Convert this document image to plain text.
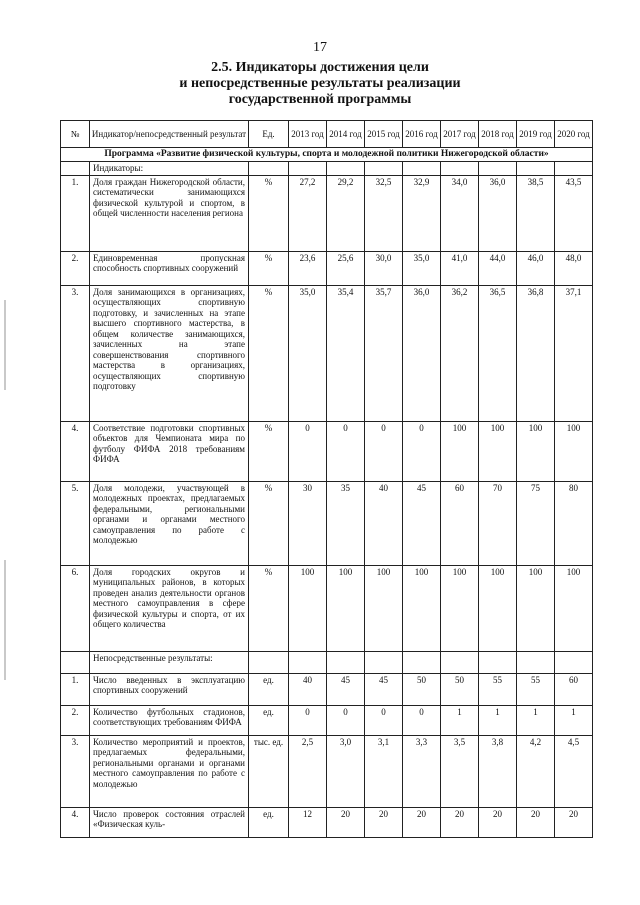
17
2.5. Индикаторы достижения цели
и непосредственные результаты реализации
государственной программы
№	Индикатор/непосредственный результат	Ед.	2013 год	2014 год	2015 год	2016 год	2017 год	2018 год	2019 год	2020 год
Программа «Развитие физической культуры, спорта и молодежной политики Нижегородской области»										
	Индикаторы:									
1.	Доля граждан Нижегородской области, систематически занимающихся физической культурой и спортом, в общей численности населения региона	%	27,2	29,2	32,5	32,9	34,0	36,0	38,5	43,5
2.	Единовременная пропускная способность спортивных сооружений	%	23,6	25,6	30,0	35,0	41,0	44,0	46,0	48,0
3.	Доля занимающихся в организациях, осуществляющих спортивную подготовку, и зачисленных на этапе высшего спортивного мастерства, в общем количестве занимающихся, зачисленных на этапе совершенствования спортивного мастерства в организациях, осуществляющих спортивную подготовку	%	35,0	35,4	35,7	36,0	36,2	36,5	36,8	37,1
4.	Соответствие подготовки спортивных объектов для Чемпионата мира по футболу ФИФА 2018 требованиям ФИФА	%	0	0	0	0	100	100	100	100
5.	Доля молодежи, участвующей в молодежных проектах, предлагаемых федеральными, региональными органами и органами местного самоуправления по работе с молодежью	%	30	35	40	45	60	70	75	80
6.	Доля городских округов и муниципальных районов, в которых проведен анализ деятельности органов местного самоуправления в сфере физической культуры и спорта, от их общего количества	%	100	100	100	100	100	100	100	100
	Непосредственные результаты:									
1.	Число введенных в эксплуатацию спортивных сооружений	ед.	40	45	45	50	50	55	55	60
2.	Количество футбольных стадионов, соответствующих требованиям ФИФА	ед.	0	0	0	0	1	1	1	1
3.	Количество мероприятий и проектов, предлагаемых федеральными, региональными органами и органами местного самоуправления по работе с молодежью	тыс. ед.	2,5	3,0	3,1	3,3	3,5	3,8	4,2	4,5
4.	Число проверок состояния отраслей «Физическая куль-	ед.	12	20	20	20	20	20	20	20
